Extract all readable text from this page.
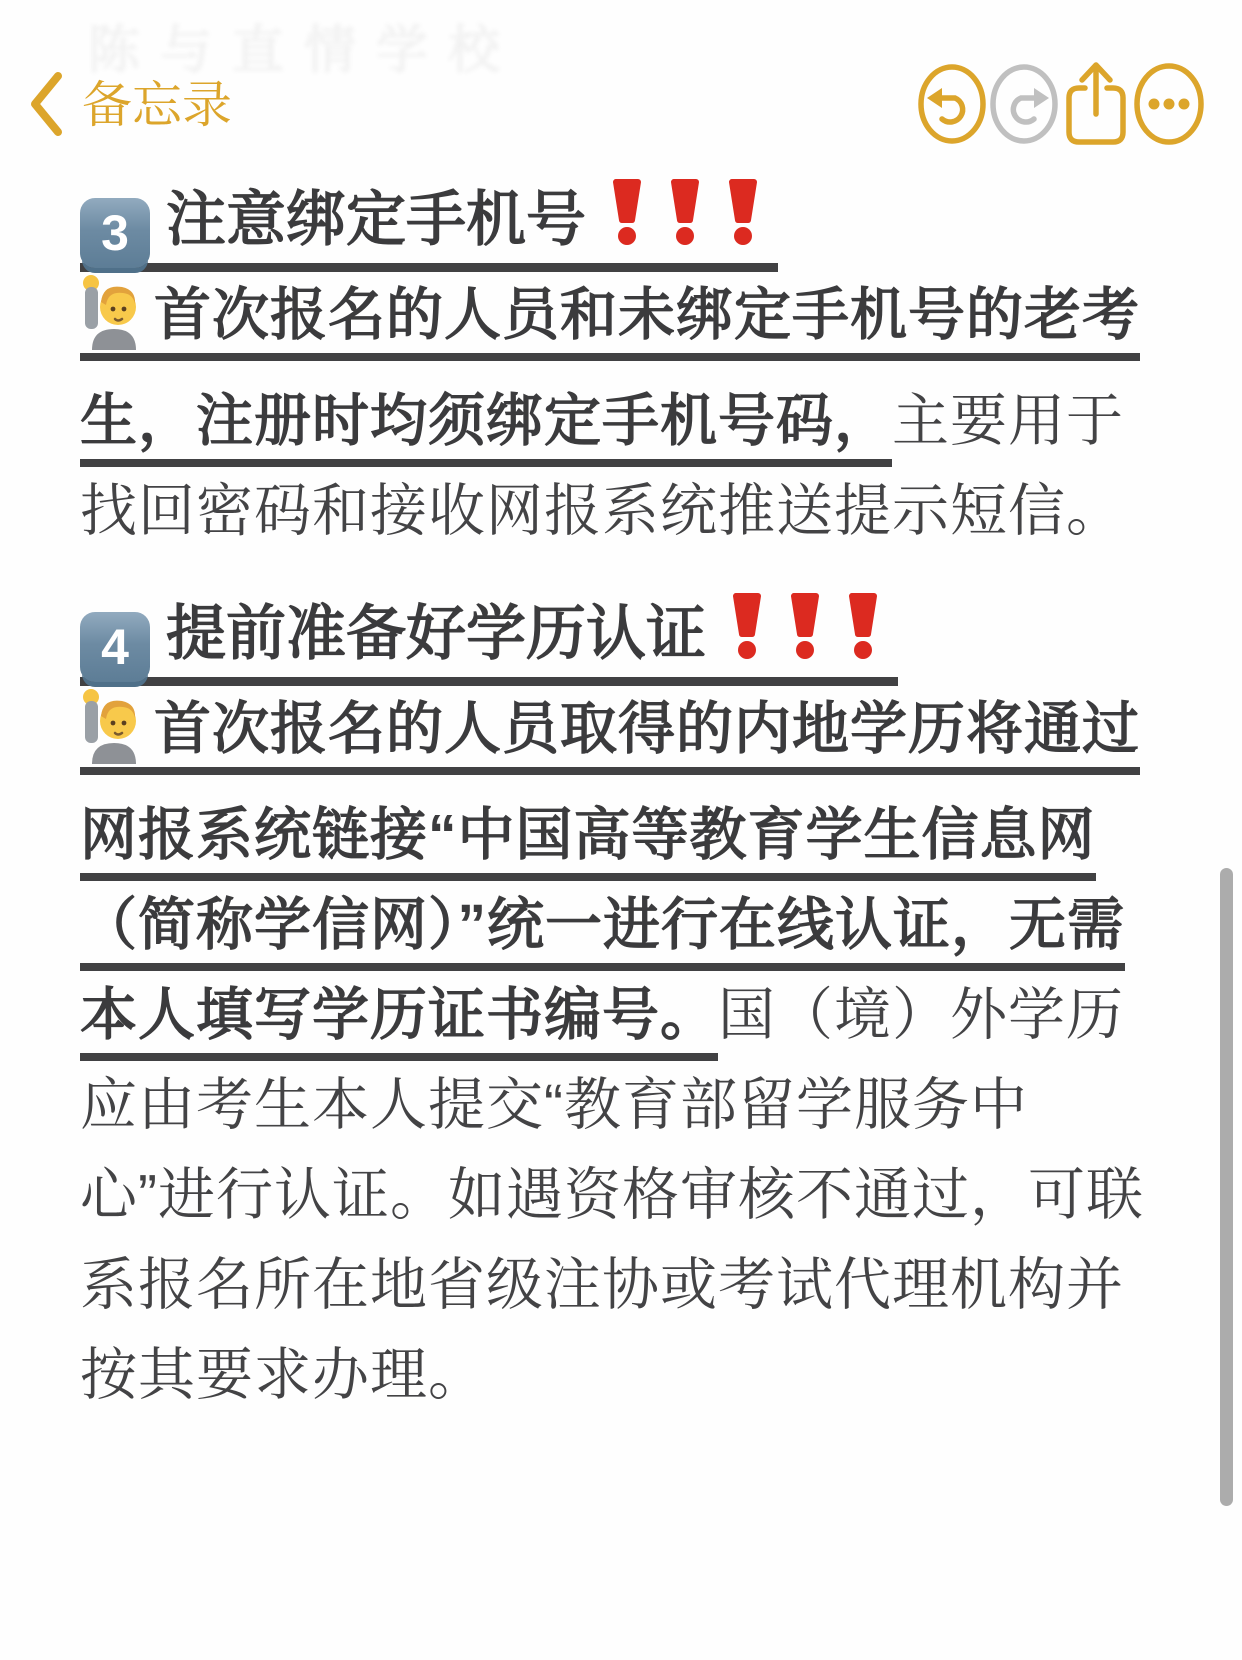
陈与直情学校
备忘录
3 注意绑定手机号

首次报名的人员和未绑定手机号的老考生，注册时均须绑定手机号码，主要用于找回密码和接收网报系统推送提示短信。

4 提前准备好学历认证

首次报名的人员取得的内地学历将通过网报系统链接“中国高等教育学生信息网（简称学信网）”统一进行在线认证，无需本人填写学历证书编号。国（境）外学历应由考生本人提交“教育部留学服务中心”进行认证。如遇资格审核不通过，可联系报名所在地省级注协或考试代理机构并按其要求办理。
